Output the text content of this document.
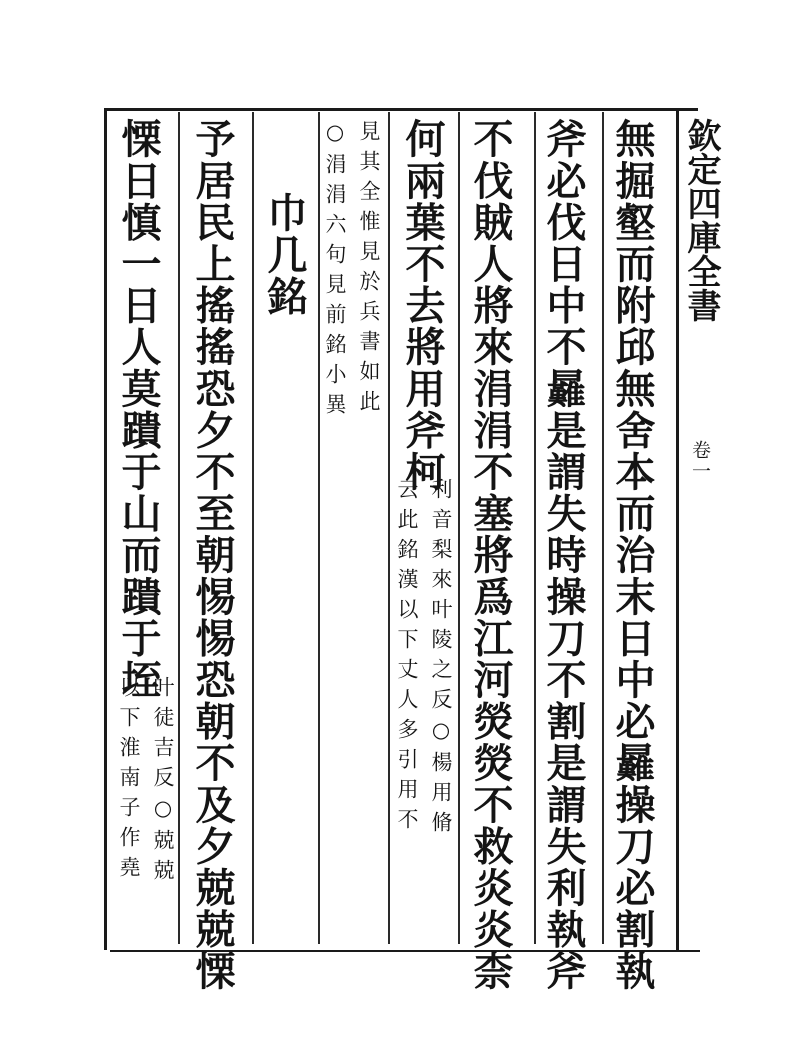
欽定四庫全書
卷一
無掘壑而附邱無舍本而治末日中必㬮操刀必割執
斧必伐日中不㬮是謂失時操刀不割是謂失利執斧
不伐賊人將來涓涓不塞將爲江河熒熒不救炎炎柰
何兩葉不去將用斧柯
利音梨來叶陵之反○楊用脩
云此銘漢以下丈人多引用不
見其全惟見於兵書如此
○涓涓六句見前銘小異
巾几銘
予居民上搖搖恐夕不至朝惕惕恐朝不及夕兢兢慄
慄日慎一日人莫蹪于山而蹪于垤
叶徒吉反○兢兢
以下淮南子作堯
